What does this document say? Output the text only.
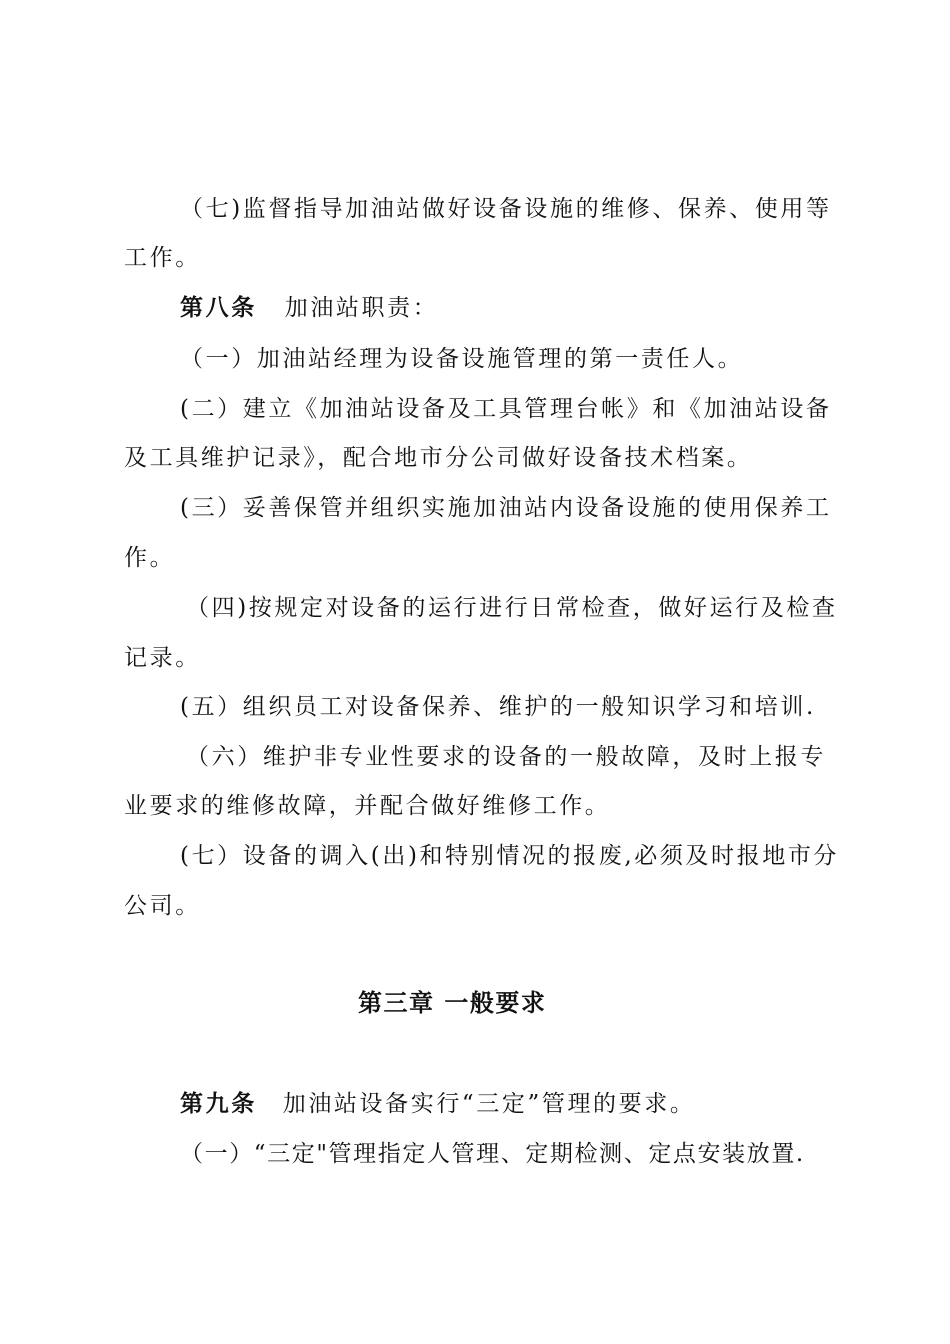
（七)监督指导加油站做好设备设施的维修、保养、使用等
工作。
第八条 加油站职责：
（一）加油站经理为设备设施管理的第一责任人。
(二）建立《加油站设备及工具管理台帐》和《加油站设备
及工具维护记录》，配合地市分公司做好设备技术档案。
(三）妥善保管并组织实施加油站内设备设施的使用保养工
作。
（四)按规定对设备的运行进行日常检查，做好运行及检查
记录。
(五）组织员工对设备保养、维护的一般知识学习和培训.
（六）维护非专业性要求的设备的一般故障，及时上报专
业要求的维修故障，并配合做好维修工作。
(七）设备的调入(出)和特别情况的报废,必须及时报地市分
公司。
第三章 一般要求
第九条 加油站设备实行“三定”管理的要求。
（一）“三定"管理指定人管理、定期检测、定点安装放置.
